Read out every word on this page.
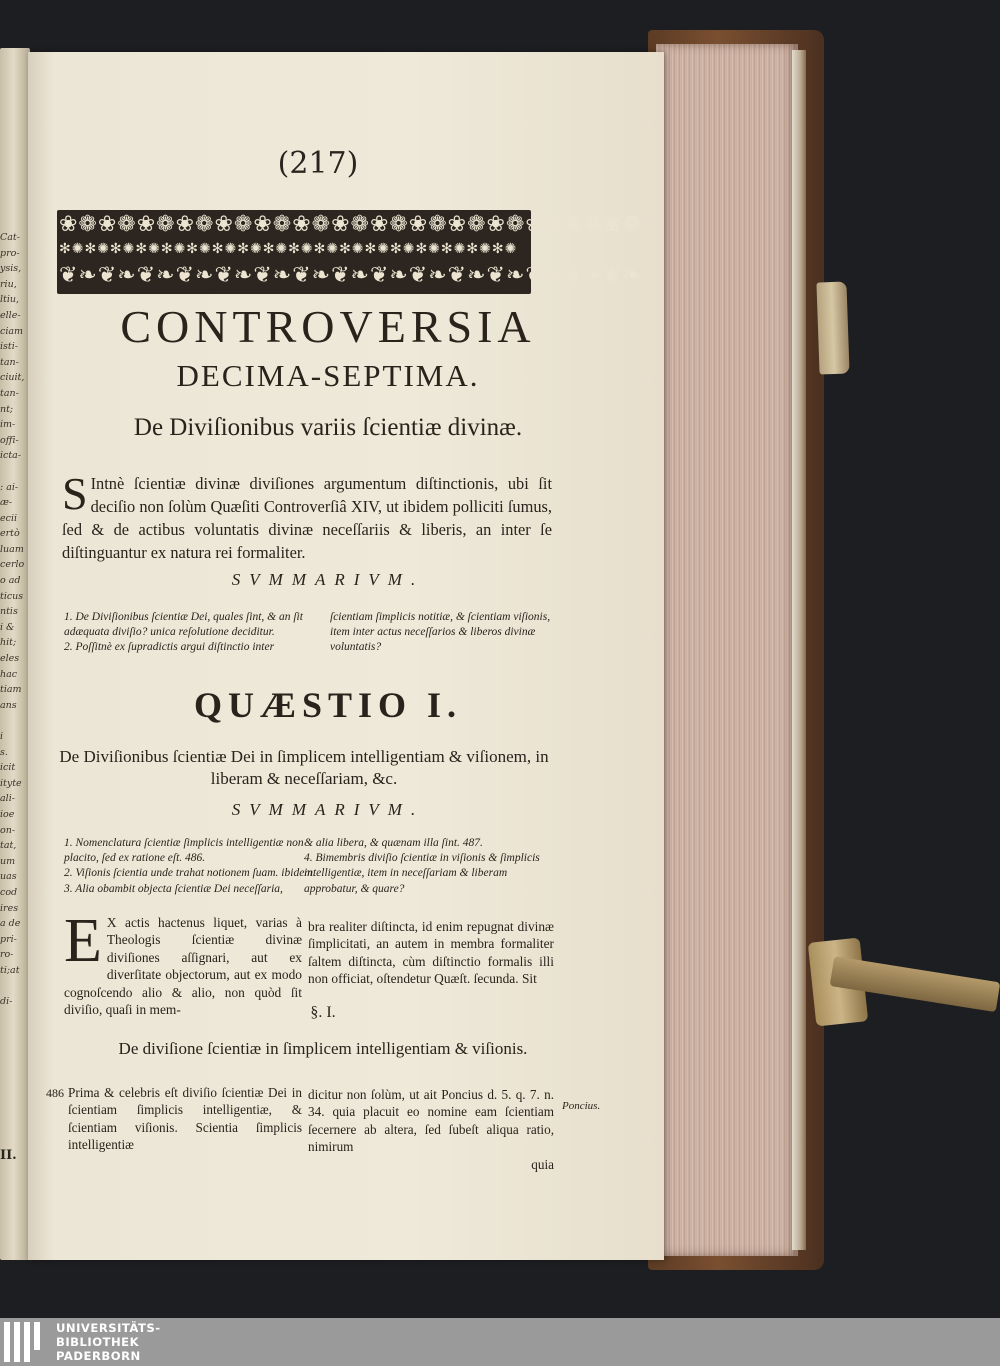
Cat-
pro-
ysis,
riu,
ltiu,
elle-
ciam
isti-
tan-
ciuit,
tan-
nt;
im-
offi-
icta-

: ai-
æ-
ecii
ertò
luam
cerlo
o ad
ticus
ntis
i &
hit;
eles
hac
tiam
ans

i
s.
icit
ityte
ali-
ioe
on-
tat,
um
uas
cod
ires
a de
pri-
ro-
ti;at

di-
II.
(217)
❀❁❀❁❀❁❀❁❀❁❀❁❀❁❀❁❀❁❀❁❀❁❀❁❀❁❀❁❀❁
✻✺✻✺✻✺✻✺✻✺✻✺✻✺✻✺✻✺✻✺✻✺✻✺✻✺✻✺✻✺✻✺✻✺✻✺
❦❧❦❧❦❧❦❧❦❧❦❧❦❧❦❧❦❧❦❧❦❧❦❧❦❧❦❧❦❧
CONTROVERSIA
DECIMA-SEPTIMA.
De Diviſionibus variis ſcientiæ divinæ.
S Intnè ſcientiæ divinæ diviſiones argumentum diſtinctionis, ubi ſit deciſio non ſolùm Quæſiti Controverſiâ XIV, ut ibidem polliciti ſumus, ſed & de actibus voluntatis divinæ neceſſariis & liberis, an inter ſe diſtinguantur ex natura rei formaliter.
SVMMARIVM.

1. De Diviſionibus ſcientiæ Dei, quales ſint, & an ſit adæquata diviſio? unica reſolutione deciditur.

2. Poſſitnè ex ſupradictis argui diſtinctio inter

ſcientiam ſimplicis notitiæ, & ſcientiam viſionis, item inter actus neceſſarios & liberos divinæ voluntatis?

QUÆSTIO I.
De Diviſionibus ſcientiæ Dei in ſimplicem intelligentiam & viſionem, in liberam & neceſſariam, &c.
SVMMARIVM.

1. Nomenclatura ſcientiæ ſimplicis intelligentiæ non placito, ſed ex ratione eſt. 486.

2. Viſionis ſcientia unde trahat notionem ſuam. ibidem.

3. Alia obambit objecta ſcientiæ Dei neceſſaria,

& alia libera, & quænam illa ſint. 487.

4. Bimembris diviſio ſcientiæ in viſionis & ſimplicis intelligentiæ, item in neceſſariam & liberam approbatur, & quare?

E X actis hactenus liquet, varias à Theologis ſcientiæ divinæ diviſiones aſſignari, aut ex diverſitate objectorum, aut ex modo cognoſcendo alio & alio, non quòd ſit diviſio, quaſi in mem-

bra realiter diſtincta, id enim repugnat divinæ ſimplicitati, an autem in membra formaliter ſaltem diſtincta, cùm diſtinctio formalis illi non officiat, oſtendetur Quæſt. ſecunda. Sit

§. I.
De diviſione ſcientiæ in ſimplicem intelligentiam & viſionis.
486
Poncius.
Prima & celebris eſt diviſio ſcientiæ Dei in ſcientiam ſimplicis intelligentiæ, & ſcientiam viſionis. Scientia ſimplicis intelligentiæ

dicitur non ſolùm, ut ait Poncius d. 5. q. 7. n. 34. quia placuit eo nomine eam ſcientiam ſecernere ab altera, ſed ſubeſt aliqua ratio, nimirum

quia

UNIVERSITÄTS-
BIBLIOTHEK
PADERBORN
